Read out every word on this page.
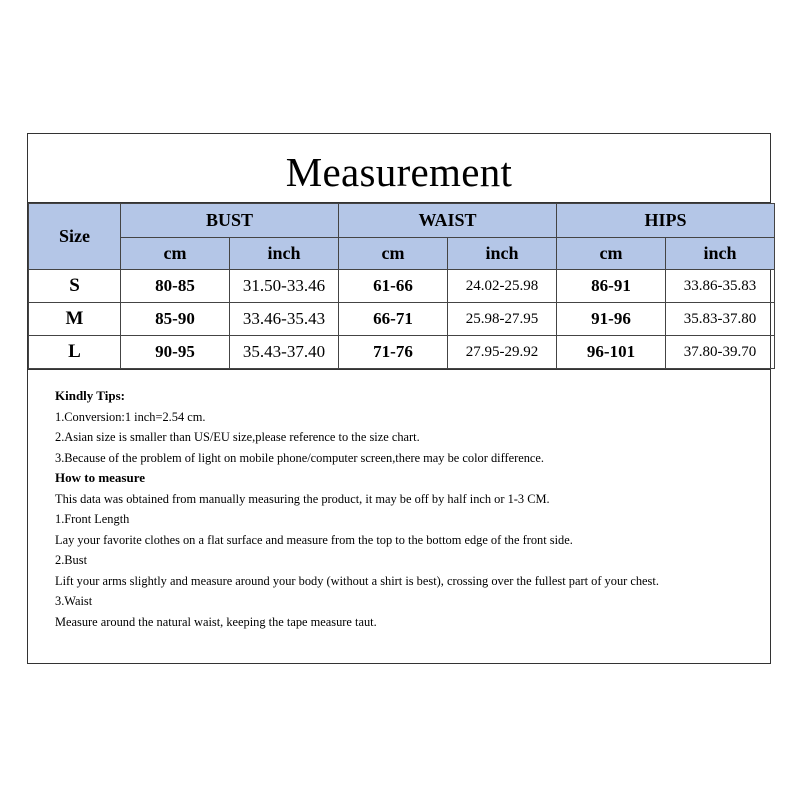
Measurement
Size	BUST		WAIST		HIPS	
	cm	inch	cm	inch	cm	inch
S	80-85	31.50-33.46	61-66	24.02-25.98	86-91	33.86-35.83
M	85-90	33.46-35.43	66-71	25.98-27.95	91-96	35.83-37.80
L	90-95	35.43-37.40	71-76	27.95-29.92	96-101	37.80-39.70
Kindly Tips:
1.Conversion:1 inch=2.54 cm.
2.Asian size is smaller than US/EU size,please reference to the size chart.
3.Because of the problem of light on mobile phone/computer screen,there may be color difference.
How to measure
This data was obtained from manually measuring the product, it may be off by half inch or 1-3 CM.
1.Front Length
Lay your favorite clothes on a flat surface and measure from the top to the bottom edge of the front side.
2.Bust
Lift your arms slightly and measure around your body (without a shirt is best), crossing over the fullest part of your chest.
3.Waist
Measure around the natural waist, keeping the tape measure taut.
